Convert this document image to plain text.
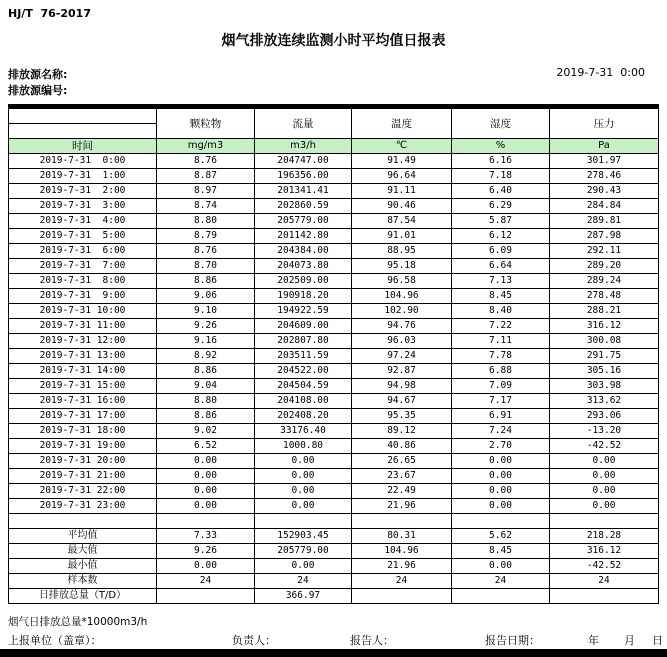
HJ/T  76-2017
烟气排放连续监测小时平均值日报表
排放源名称:
排放源编号:
2019-7-31  0:00
	颗粒物	流量	温度	湿度	压力
时间	mg/m3	m3/h	℃	%	Pa
2019-7-31  0:00	8.76	204747.00	91.49	6.16	301.97
2019-7-31  1:00	8.87	196356.00	96.64	7.18	278.46
2019-7-31  2:00	8.97	201341.41	91.11	6.40	290.43
2019-7-31  3:00	8.74	202860.59	90.46	6.29	284.84
2019-7-31  4:00	8.80	205779.00	87.54	5.87	289.81
2019-7-31  5:00	8.79	201142.80	91.01	6.12	287.98
2019-7-31  6:00	8.76	204384.00	88.95	6.09	292.11
2019-7-31  7:00	8.70	204073.80	95.18	6.64	289.20
2019-7-31  8:00	8.86	202509.00	96.58	7.13	289.24
2019-7-31  9:00	9.06	190918.20	104.96	8.45	278.48
2019-7-31 10:00	9.10	194922.59	102.90	8.40	288.21
2019-7-31 11:00	9.26	204609.00	94.76	7.22	316.12
2019-7-31 12:00	9.16	202807.80	96.03	7.11	300.08
2019-7-31 13:00	8.92	203511.59	97.24	7.78	291.75
2019-7-31 14:00	8.86	204522.00	92.87	6.88	305.16
2019-7-31 15:00	9.04	204504.59	94.98	7.09	303.98
2019-7-31 16:00	8.80	204108.00	94.67	7.17	313.62
2019-7-31 17:00	8.86	202408.20	95.35	6.91	293.06
2019-7-31 18:00	9.02	33176.40	89.12	7.24	-13.20
2019-7-31 19:00	6.52	1000.80	40.86	2.70	-42.52
2019-7-31 20:00	0.00	0.00	26.65	0.00	0.00
2019-7-31 21:00	0.00	0.00	23.67	0.00	0.00
2019-7-31 22:00	0.00	0.00	22.49	0.00	0.00
2019-7-31 23:00	0.00	0.00	21.96	0.00	0.00

平均值	7.33	152903.45	80.31	5.62	218.28
最大值	9.26	205779.00	104.96	8.45	316.12
最小值	0.00	0.00	21.96	0.00	-42.52
样本数	24	24	24	24	24
日排放总量（T/D）		366.97			
烟气日排放总量*10000m3/h
上报单位（盖章）：	负责人：	报告人：	报告日期：	年 月 日
